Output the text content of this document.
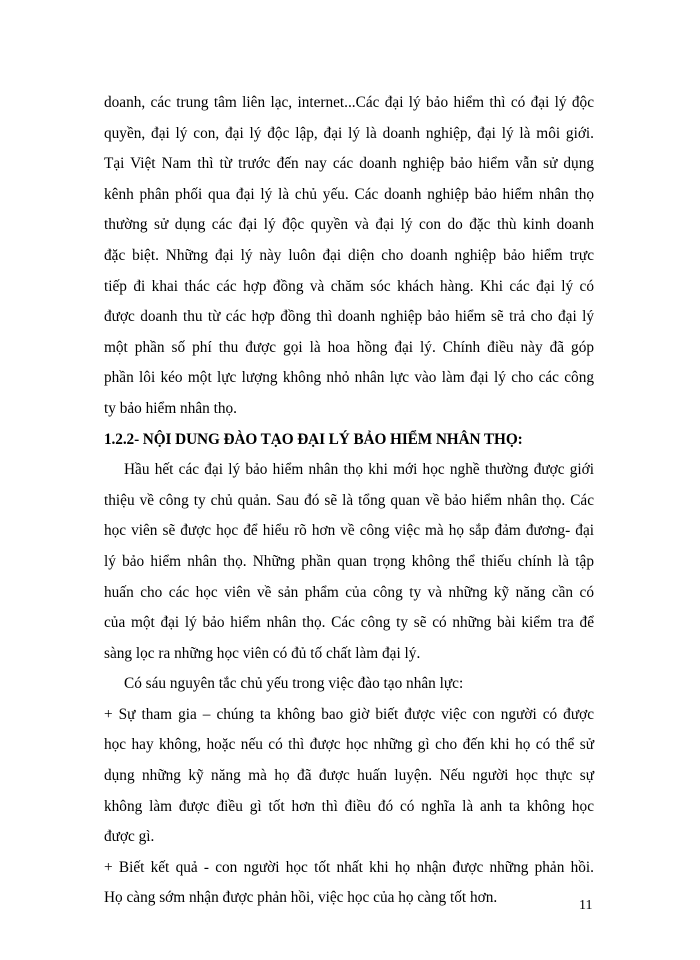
doanh, các trung tâm liên lạc, internet...Các đại lý bảo hiểm thì có đại lý độc
quyền, đại lý con, đại lý độc lập, đại lý là doanh nghiệp, đại lý là môi giới.
Tại Việt Nam thì từ trước đến nay các doanh nghiệp bảo hiểm vẫn sử dụng
kênh phân phối qua đại lý là chủ yếu. Các doanh nghiệp bảo hiểm nhân thọ
thường sử dụng các đại lý độc quyền và đại lý con do đặc thù kinh doanh
đặc biệt. Những đại lý này luôn đại diện cho doanh nghiệp bảo hiểm trực
tiếp đi khai thác các hợp đồng và chăm sóc khách hàng. Khi các đại lý có
được doanh thu từ các hợp đồng thì doanh nghiệp bảo hiểm sẽ trả cho đại lý
một phần số phí thu được gọi là hoa hồng đại lý. Chính điều này đã góp
phần lôi kéo một lực lượng không nhỏ nhân lực vào làm đại lý cho các công
ty bảo hiểm nhân thọ.
1.2.2- NỘI DUNG ĐÀO TẠO ĐẠI LÝ BẢO HIỂM NHÂN THỌ:
Hầu hết các đại lý bảo hiểm nhân thọ khi mới học nghề thường được giới
thiệu về công ty chủ quản. Sau đó sẽ là tổng quan về bảo hiểm nhân thọ. Các
học viên sẽ được học để hiểu rõ hơn về công việc mà họ sắp đảm đương- đại
lý bảo hiểm nhân thọ. Những phần quan trọng không thể thiếu chính là tập
huấn cho các học viên về sản phẩm của công ty và những kỹ năng cần có
của một đại lý bảo hiểm nhân thọ. Các công ty sẽ có những bài kiểm tra để
sàng lọc ra những học viên có đủ tố chất làm đại lý.
Có sáu nguyên tắc chủ yếu trong việc đào tạo nhân lực:
+ Sự tham gia – chúng ta không bao giờ biết được việc con người có được
học hay không, hoặc nếu có thì được học những gì cho đến khi họ có thể sử
dụng những kỹ năng mà họ đã được huấn luyện. Nếu người học thực sự
không làm được điều gì tốt hơn thì điều đó có nghĩa là anh ta không học
được gì.
+ Biết kết quả - con người học tốt nhất khi họ nhận được những phản hồi.
Họ càng sớm nhận được phản hồi, việc học của họ càng tốt hơn.	11
